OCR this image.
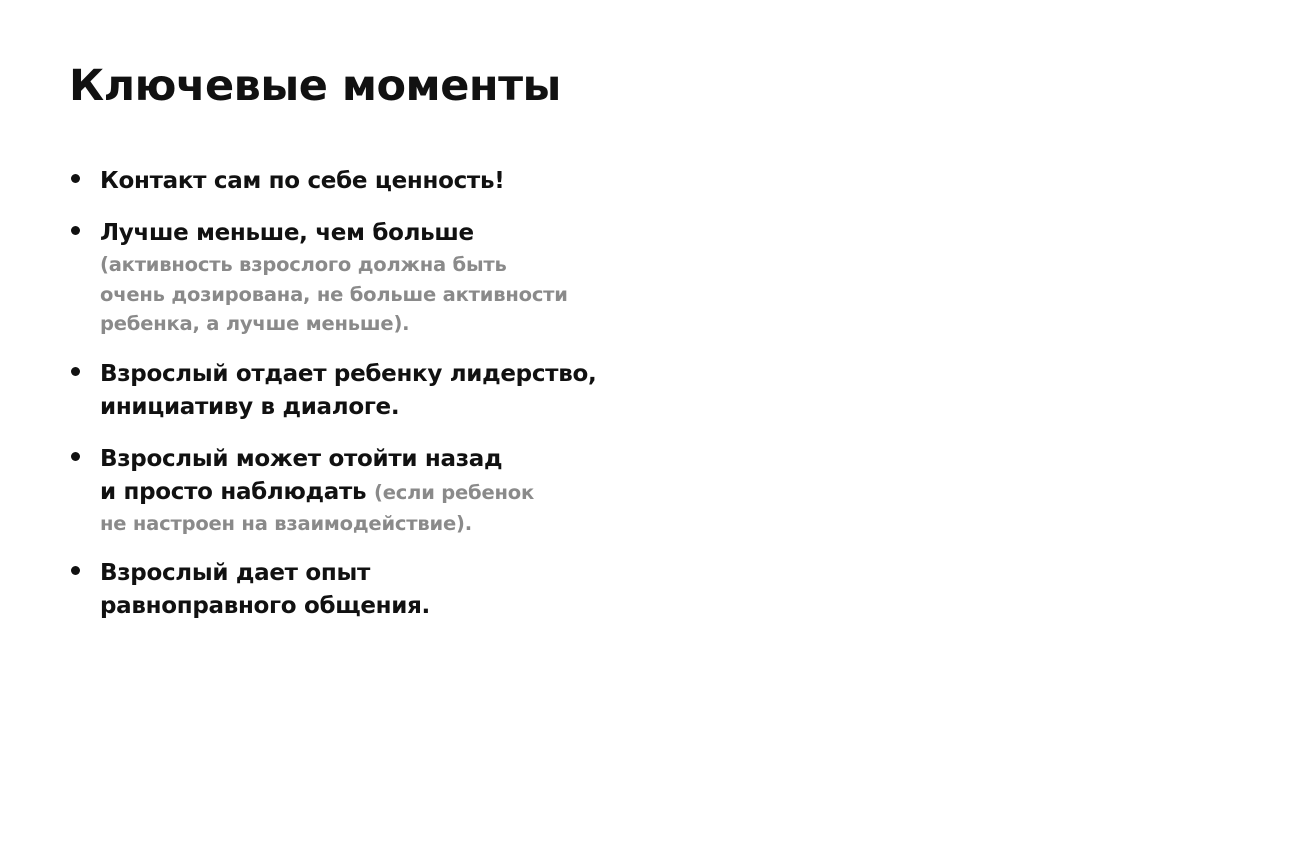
Ключевые моменты
Контакт сам по себе ценность!
Лучше меньше, чем больше
(активность взрослого должна быть
очень дозирована, не больше активности
ребенка, а лучше меньше).
Взрослый отдает ребенку лидерство,
инициативу в диалоге.
Взрослый может отойти назад
и просто наблюдать (если ребенок
не настроен на взаимодействие).
Взрослый дает опыт
равноправного общения.
